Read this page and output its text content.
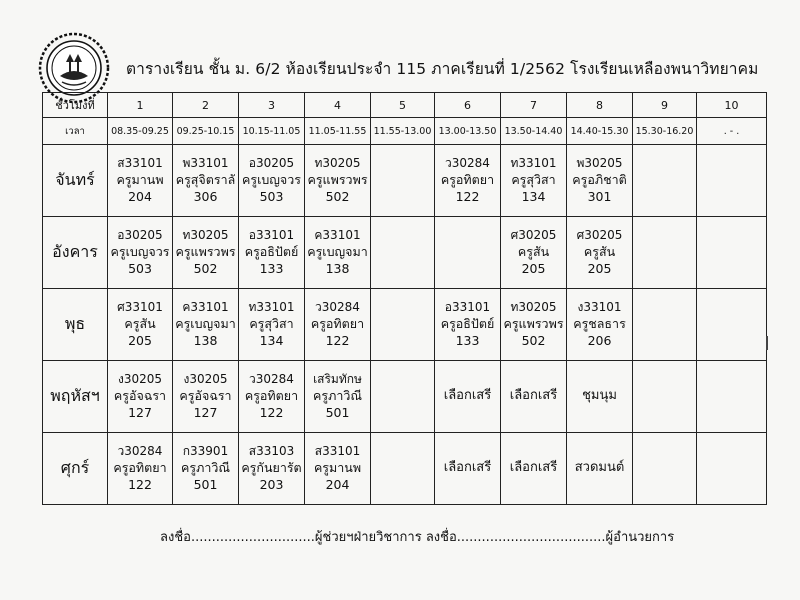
ตารางเรียน ชั้น ม. 6/2 ห้องเรียนประจำ 115 ภาคเรียนที่ 1/2562 โรงเรียนเหลืองพนาวิทยาคม
ชั่วโมงที่	1	2	3	4	5	6	7	8	9	10
เวลา	08.35-09.25	09.25-10.15	10.15-11.05	11.05-11.55	11.55-13.00	13.00-13.50	13.50-14.40	14.40-15.30	15.30-16.20	. - .
จันทร์	ส33101
ครูมานพ
204	พ33101
ครูสุจิตราลั
306	อ30205
ครูเบญจวร
503	ท30205
ครูแพรวพร
502		ว30284
ครูอทิตยา
122	ท33101
ครูสุวิสา
134	พ30205
ครูอภิชาติ
301		

อังคาร	อ30205
ครูเบญจวร
503	ท30205
ครูแพรวพร
502	อ33101
ครูอธิปัตย์
133	ค33101
ครูเบญจมา
138			ศ30205
ครูสัน
205	ศ30205
ครูสัน
205		

พุธ	ศ33101
ครูสัน
205	ค33101
ครูเบญจมา
138	ท33101
ครูสุวิสา
134	ว30284
ครูอทิตยา
122		อ33101
ครูอธิปัตย์
133	ท30205
ครูแพรวพร
502	ง33101
ครูชลธาร
206		

พฤหัสฯ	ง30205
ครูอัจฉรา
127	ง30205
ครูอัจฉรา
127	ว30284
ครูอทิตยา
122	เสริมทักษ
ครูภาวิณี
501		เลือกเสรี	เลือกเสรี	ชุมนุม		

ศุกร์	ว30284
ครูอทิตยา
122	ก33901
ครูภาวิณี
501	ส33103
ครูกันยารัต
203	ส33101
ครูมานพ
204		เลือกเสรี	เลือกเสรี	สวดมนต์		

ลงชื่อ..............................ผู้ช่วยฯฝ่ายวิชาการ ลงชื่อ....................................ผู้อำนวยการ
